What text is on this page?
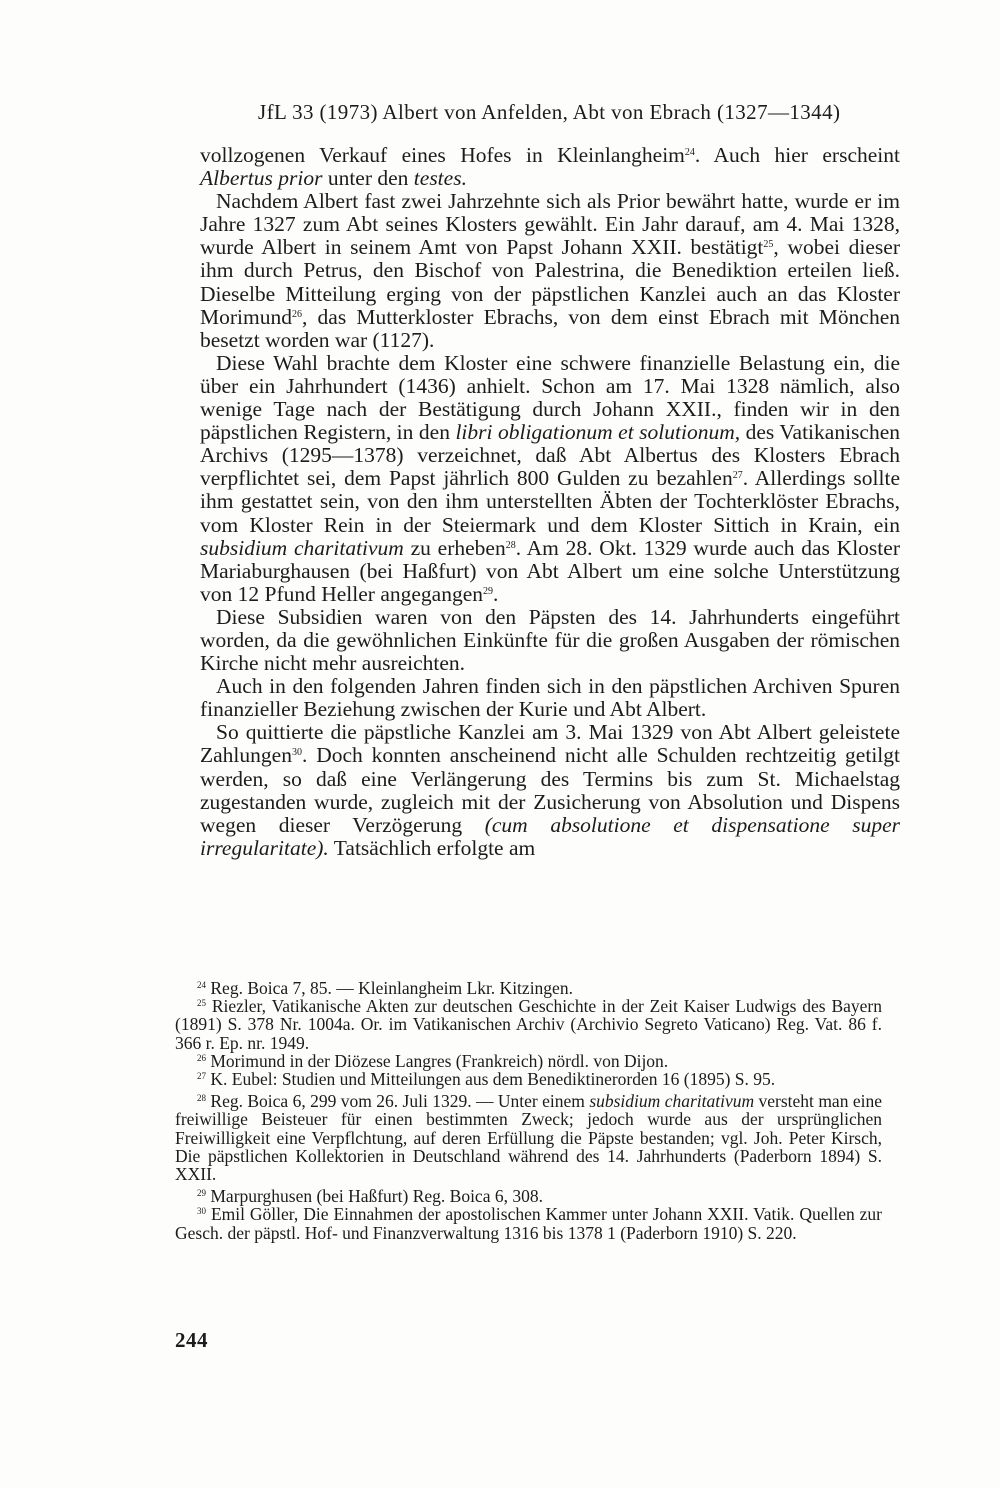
JfL 33 (1973) Albert von Anfelden, Abt von Ebrach (1327—1344)

vollzogenen Verkauf eines Hofes in Kleinlangheim$^{24}$. Auch hier erscheint Albertus prior unter den testes.

Nachdem Albert fast zwei Jahrzehnte sich als Prior bewährt hatte, wurde er im Jahre 1327 zum Abt seines Klosters gewählt. Ein Jahr darauf, am 4. Mai 1328, wurde Albert in seinem Amt von Papst Johann XXII. bestätigt$^{25}$, wobei dieser ihm durch Petrus, den Bischof von Palestrina, die Benediktion erteilen ließ. Dieselbe Mitteilung erging von der päpstlichen Kanzlei auch an das Kloster Morimund$^{26}$, das Mutterkloster Ebrachs, von dem einst Ebrach mit Mönchen besetzt worden war (1127).

Diese Wahl brachte dem Kloster eine schwere finanzielle Belastung ein, die über ein Jahrhundert (1436) anhielt. Schon am 17. Mai 1328 nämlich, also wenige Tage nach der Bestätigung durch Johann XXII., finden wir in den päpstlichen Registern, in den libri obligationum et solutionum, des Vatikanischen Archivs (1295—1378) verzeichnet, daß Abt Albertus des Klosters Ebrach verpflichtet sei, dem Papst jährlich 800 Gulden zu bezahlen$^{27}$. Allerdings sollte ihm gestattet sein, von den ihm unterstellten Äbten der Tochterklöster Ebrachs, vom Kloster Rein in der Steiermark und dem Kloster Sittich in Krain, ein subsidium charitativum zu erheben$^{28}$. Am 28. Okt. 1329 wurde auch das Kloster Mariaburghausen (bei Haßfurt) von Abt Albert um eine solche Unterstützung von 12 Pfund Heller angegangen$^{29}$.

Diese Subsidien waren von den Päpsten des 14. Jahrhunderts eingeführt worden, da die gewöhnlichen Einkünfte für die großen Ausgaben der römischen Kirche nicht mehr ausreichten.

Auch in den folgenden Jahren finden sich in den päpstlichen Archiven Spuren finanzieller Beziehung zwischen der Kurie und Abt Albert.

So quittierte die päpstliche Kanzlei am 3. Mai 1329 von Abt Albert geleistete Zahlungen$^{30}$. Doch konnten anscheinend nicht alle Schulden rechtzeitig getilgt werden, so daß eine Verlängerung des Termins bis zum St. Michaelstag zugestanden wurde, zugleich mit der Zusicherung von Absolution und Dispens wegen dieser Verzögerung (cum absolutione et dispensatione super irregularitate). Tatsächlich erfolgte am

$^{24}$ Reg. Boica 7, 85. — Kleinlangheim Lkr. Kitzingen.

$^{25}$ Riezler, Vatikanische Akten zur deutschen Geschichte in der Zeit Kaiser Ludwigs des Bayern (1891) S. 378 Nr. 1004a. Or. im Vatikanischen Archiv (Archivio Segreto Vaticano) Reg. Vat. 86 f. 366 r. Ep. nr. 1949.

$^{26}$ Morimund in der Diözese Langres (Frankreich) nördl. von Dijon.

$^{27}$ K. Eubel: Studien und Mitteilungen aus dem Benediktinerorden 16 (1895) S. 95.

$^{28}$ Reg. Boica 6, 299 vom 26. Juli 1329. — Unter einem subsidium charitativum versteht man eine freiwillige Beisteuer für einen bestimmten Zweck; jedoch wurde aus der ursprünglichen Freiwilligkeit eine Verpflchtung, auf deren Erfüllung die Päpste bestanden; vgl. Joh. Peter Kirsch, Die päpstlichen Kollektorien in Deutschland während des 14. Jahrhunderts (Paderborn 1894) S. XXII.

$^{29}$ Marpurghusen (bei Haßfurt) Reg. Boica 6, 308.

$^{30}$ Emil Göller, Die Einnahmen der apostolischen Kammer unter Johann XXII. Vatik. Quellen zur Gesch. der päpstl. Hof- und Finanzverwaltung 1316 bis 1378 1 (Paderborn 1910) S. 220.

244
